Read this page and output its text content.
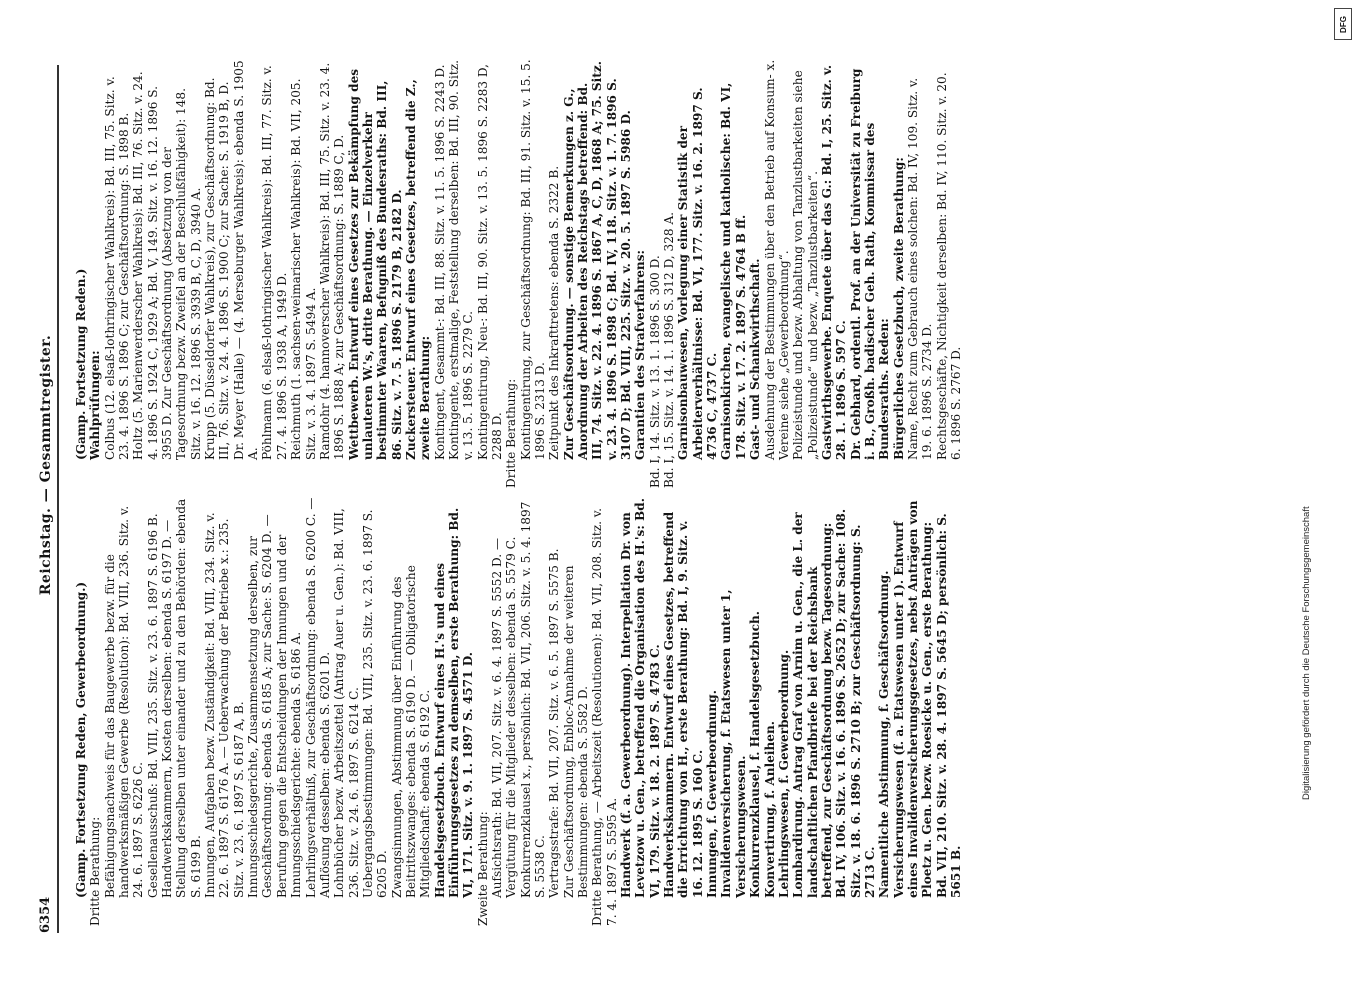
6354
Reichstag. — Gesammtregister.

(Gamp. Fortsetzung Reden, Gewerbeordnung.) Dritte Berathung: Befähigungsnachweis für das Baugewerbe bezw. für die handwerksmäßigen Gewerbe (Resolution): Bd. VIII, 236. Sitz. v. 24. 6. 1897 S. 6226 C. Gesellenausschuß: Bd. VIII, 235. Sitz. v. 23. 6. 1897 S. 6196 B. Handwerkskammern, Kosten derselben: ebenda S. 6197 D. — Stellung derselben unter einander und zu den Behörden: ebenda S. 6199 B. Innungen, Aufgaben bezw. Zuständigkeit: Bd. VIII, 234. Sitz. v. 22. 6. 1897 S. 6176 A. — Ueberwachung der Betriebe x.: 235. Sitz. v. 23. 6. 1897 S. 6187 A, B. Innungsschiedsgerichte, Zusammensetzung derselben, zur Geschäftsordnung: ebenda S. 6185 A; zur Sache: S. 6204 D. — Berufung gegen die Entscheidungen der Innungen und der Innungsschiedsgerichte: ebenda S. 6186 A. Lehrlingsverhältniß, zur Geschäftsordnung: ebenda S. 6200 C. — Auflösung desselben: ebenda S. 6201 D. Lohnbücher bezw. Arbeitszettel (Antrag Auer u. Gen.): Bd. VIII, 236. Sitz. v. 24. 6. 1897 S. 6214 C. Uebergangsbestimmungen: Bd. VIII, 235. Sitz. v. 23. 6. 1897 S. 6205 D. Zwangsinnungen, Abstimmung über Einführung des Beitrittszwanges: ebenda S. 6190 D. — Obligatorische Mitgliedschaft: ebenda S. 6192 C. Handelsgesetzbuch. Entwurf eines H.'s und eines Einführungsgesetzes zu demselben, erste Berathung: Bd. VI, 171. Sitz. v. 9. 1. 1897 S. 4571 D. Zweite Berathung: Aufsichtsrath: Bd. VII, 207. Sitz. v. 6. 4. 1897 S. 5552 D. — Vergütung für die Mitglieder desselben: ebenda S. 5579 C. Konkurrenzklausel x., persönlich: Bd. VII, 206. Sitz. v. 5. 4. 1897 S. 5538 C. Vertragsstrafe: Bd. VII, 207. Sitz. v. 6. 5. 1897 S. 5575 B. Zur Geschäftsordnung, Enbloc-Annahme der weiteren Bestimmungen: ebenda S. 5582 D. Dritte Berathung, — Arbeitszeit (Resolutionen): Bd. VII, 208. Sitz. v. 7. 4. 1897 S. 5595 A. Handwerk (f. a. Gewerbeordnung). Interpellation Dr. von Levetzow u. Gen., betreffend die Organisation des H.'s: Bd. VI, 179. Sitz. v. 18. 2. 1897 S. 4783 C. Handwerkskammern. Entwurf eines Gesetzes, betreffend die Errichtung von H., erste Berathung: Bd. I, 9. Sitz. v. 16. 12. 1895 S. 160 C. Innungen, f. Gewerbeordnung. Invalidenversicherung, f. Etatswesen unter 1, Versicherungswesen. Konkurrenzklausel, f. Handelsgesetzbuch. Konvertirung, f. Anleihen. Lehrlingswesen, f. Gewerbeordnung. Lombardirung. Antrag Graf von Arnim u. Gen., die L. der landschaftlichen Pfandbriefe bei der Reichsbank betreffend, zur Geschäftsordnung bezw. Tagesordnung: Bd. IV, 106. Sitz. v. 16. 6. 1896 S. 2652 D; zur Sache: 108. Sitz. v. 18. 6. 1896 S. 2710 B; zur Geschäftsordnung: S. 2713 C. Namentliche Abstimmung, f. Geschäftsordnung. Versicherungswesen (f. a. Etatswesen unter 1). Entwurf eines Invalidenversicherungsgesetzes, nebst Anträgen von Ploetz u. Gen. bezw. Roesicke u. Gen., erste Berathung: Bd. VII, 210. Sitz. v. 28. 4. 1897 S. 5645 D; persönlich: S. 5651 B.

(Gamp. Fortsetzung Reden.) Wahlprüfungen: Colbus (12. elsaß-lothringischer Wahlkreis): Bd. III, 75. Sitz. v. 23. 4. 1896 S. 1896 C; zur Geschäftsordnung: S. 1898 B. Holtz (5. Marienwerderscher Wahlkreis): Bd. III, 76. Sitz. v. 24. 4. 1896 S. 1924 C, 1929 A; Bd. V, 149. Sitz. v. 16. 12. 1896 S. 3955 D. Zur Geschäftsordnung (Absetzung von der Tagesordnung bezw. Zweifel an der Beschlußfähigkeit): 148. Sitz. v. 16. 12. 1896 S. 3939 B, C, D, 3940 A. Krupp (5. Düsseldorfer Wahlkreis), zur Geschäftsordnung: Bd. III, 76. Sitz. v. 24. 4. 1896 S. 1900 C; zur Sache: S. 1919 B, D. Dr. Meyer (Halle) — (4. Merseburger Wahlkreis): ebenda S. 1905 A. Pöhlmann (6. elsaß-lothringischer Wahlkreis): Bd. III, 77. Sitz. v. 27. 4. 1896 S. 1938 A, 1949 D. Reichmuth (1. sachsen-weimarischer Wahlkreis): Bd. VII, 205. Sitz. v. 3. 4. 1897 S. 5494 A. Ramdohr (4. hannoverscher Wahlkreis): Bd. III, 75. Sitz. v. 23. 4. 1896 S. 1888 A; zur Geschäftsordnung: S. 1889 C, D. Wettbewerb. Entwurf eines Gesetzes zur Bekämpfung des unlauteren W.'s, dritte Berathung. — Einzelverkehr bestimmter Waaren, Befugniß des Bundesraths: Bd. III, 86. Sitz. v. 7. 5. 1896 S. 2179 B, 2182 D. Zuckersteuer. Entwurf eines Gesetzes, betreffend die Z., zweite Berathung: Kontingent, Gesammt-: Bd. III, 88. Sitz. v. 11. 5. 1896 S. 2243 D. Kontingente, erstmalige, Feststellung derselben: Bd. III, 90. Sitz. v. 13. 5. 1896 S. 2279 C. Kontingentirung, Neu-: Bd. III, 90. Sitz. v. 13. 5. 1896 S. 2283 D, 2288 D. Dritte Berathung: Kontingentirung, zur Geschäftsordnung: Bd. III, 91. Sitz. v. 15. 5. 1896 S. 2313 D. Zeitpunkt des Inkrafttretens: ebenda S. 2322 B. Zur Geschäftsordnung. — sonstige Bemerkungen z. G., Anordnung der Arbeiten des Reichstags betreffend: Bd. III, 74. Sitz. v. 22. 4. 1896 S. 1867 A, C, D, 1868 A; 75. Sitz. v. 23. 4. 1896 S. 1898 C; Bd. IV, 118. Sitz. v. 1. 7. 1896 S. 3107 D; Bd. VIII, 225. Sitz. v. 20. 5. 1897 S. 5986 D. Garantien des Strafverfahrens: Bd. I, 14. Sitz. v. 13. 1. 1896 S. 300 D. Bd. I, 15. Sitz. v. 14. 1. 1896 S. 312 D, 328 A. Garnisonbauwesen, Vorlegung einer Statistik der Arbeiterverhältnisse: Bd. VI, 177. Sitz. v. 16. 2. 1897 S. 4736 C, 4737 C. Garnisonkirchen, evangelische und katholische: Bd. VI, 178. Sitz. v. 17. 2. 1897 S. 4764 B ff. Gast- und Schankwirthschaft. Ausdehnung der Bestimmungen über den Betrieb auf Konsum- x. Vereine siehe „Gewerbeordnung“. Polizeistunde und bezw. Abhaltung von Tanzlustbarkeiten siehe „Polizeistunde“ und bezw. „Tanzlustbarkeiten“. Gastwirthsgewerbe. Enquete über das G.: Bd. I, 25. Sitz. v. 28. 1. 1896 S. 597 C. Dr. Gebhard, ordentl. Prof. an der Universität zu Freiburg i. B., Großh. badischer Geh. Rath, Kommissar des Bundesraths. Reden: Bürgerliches Gesetzbuch, zweite Berathung: Name, Recht zum Gebrauch eines solchen: Bd. IV, 109. Sitz. v. 19. 6. 1896 S. 2734 D. Rechtsgeschäfte, Nichtigkeit derselben: Bd. IV, 110. Sitz. v. 20. 6. 1896 S. 2767 D.

Digitalisierung gefördert durch die Deutsche Forschungsgemeinschaft
DFG
